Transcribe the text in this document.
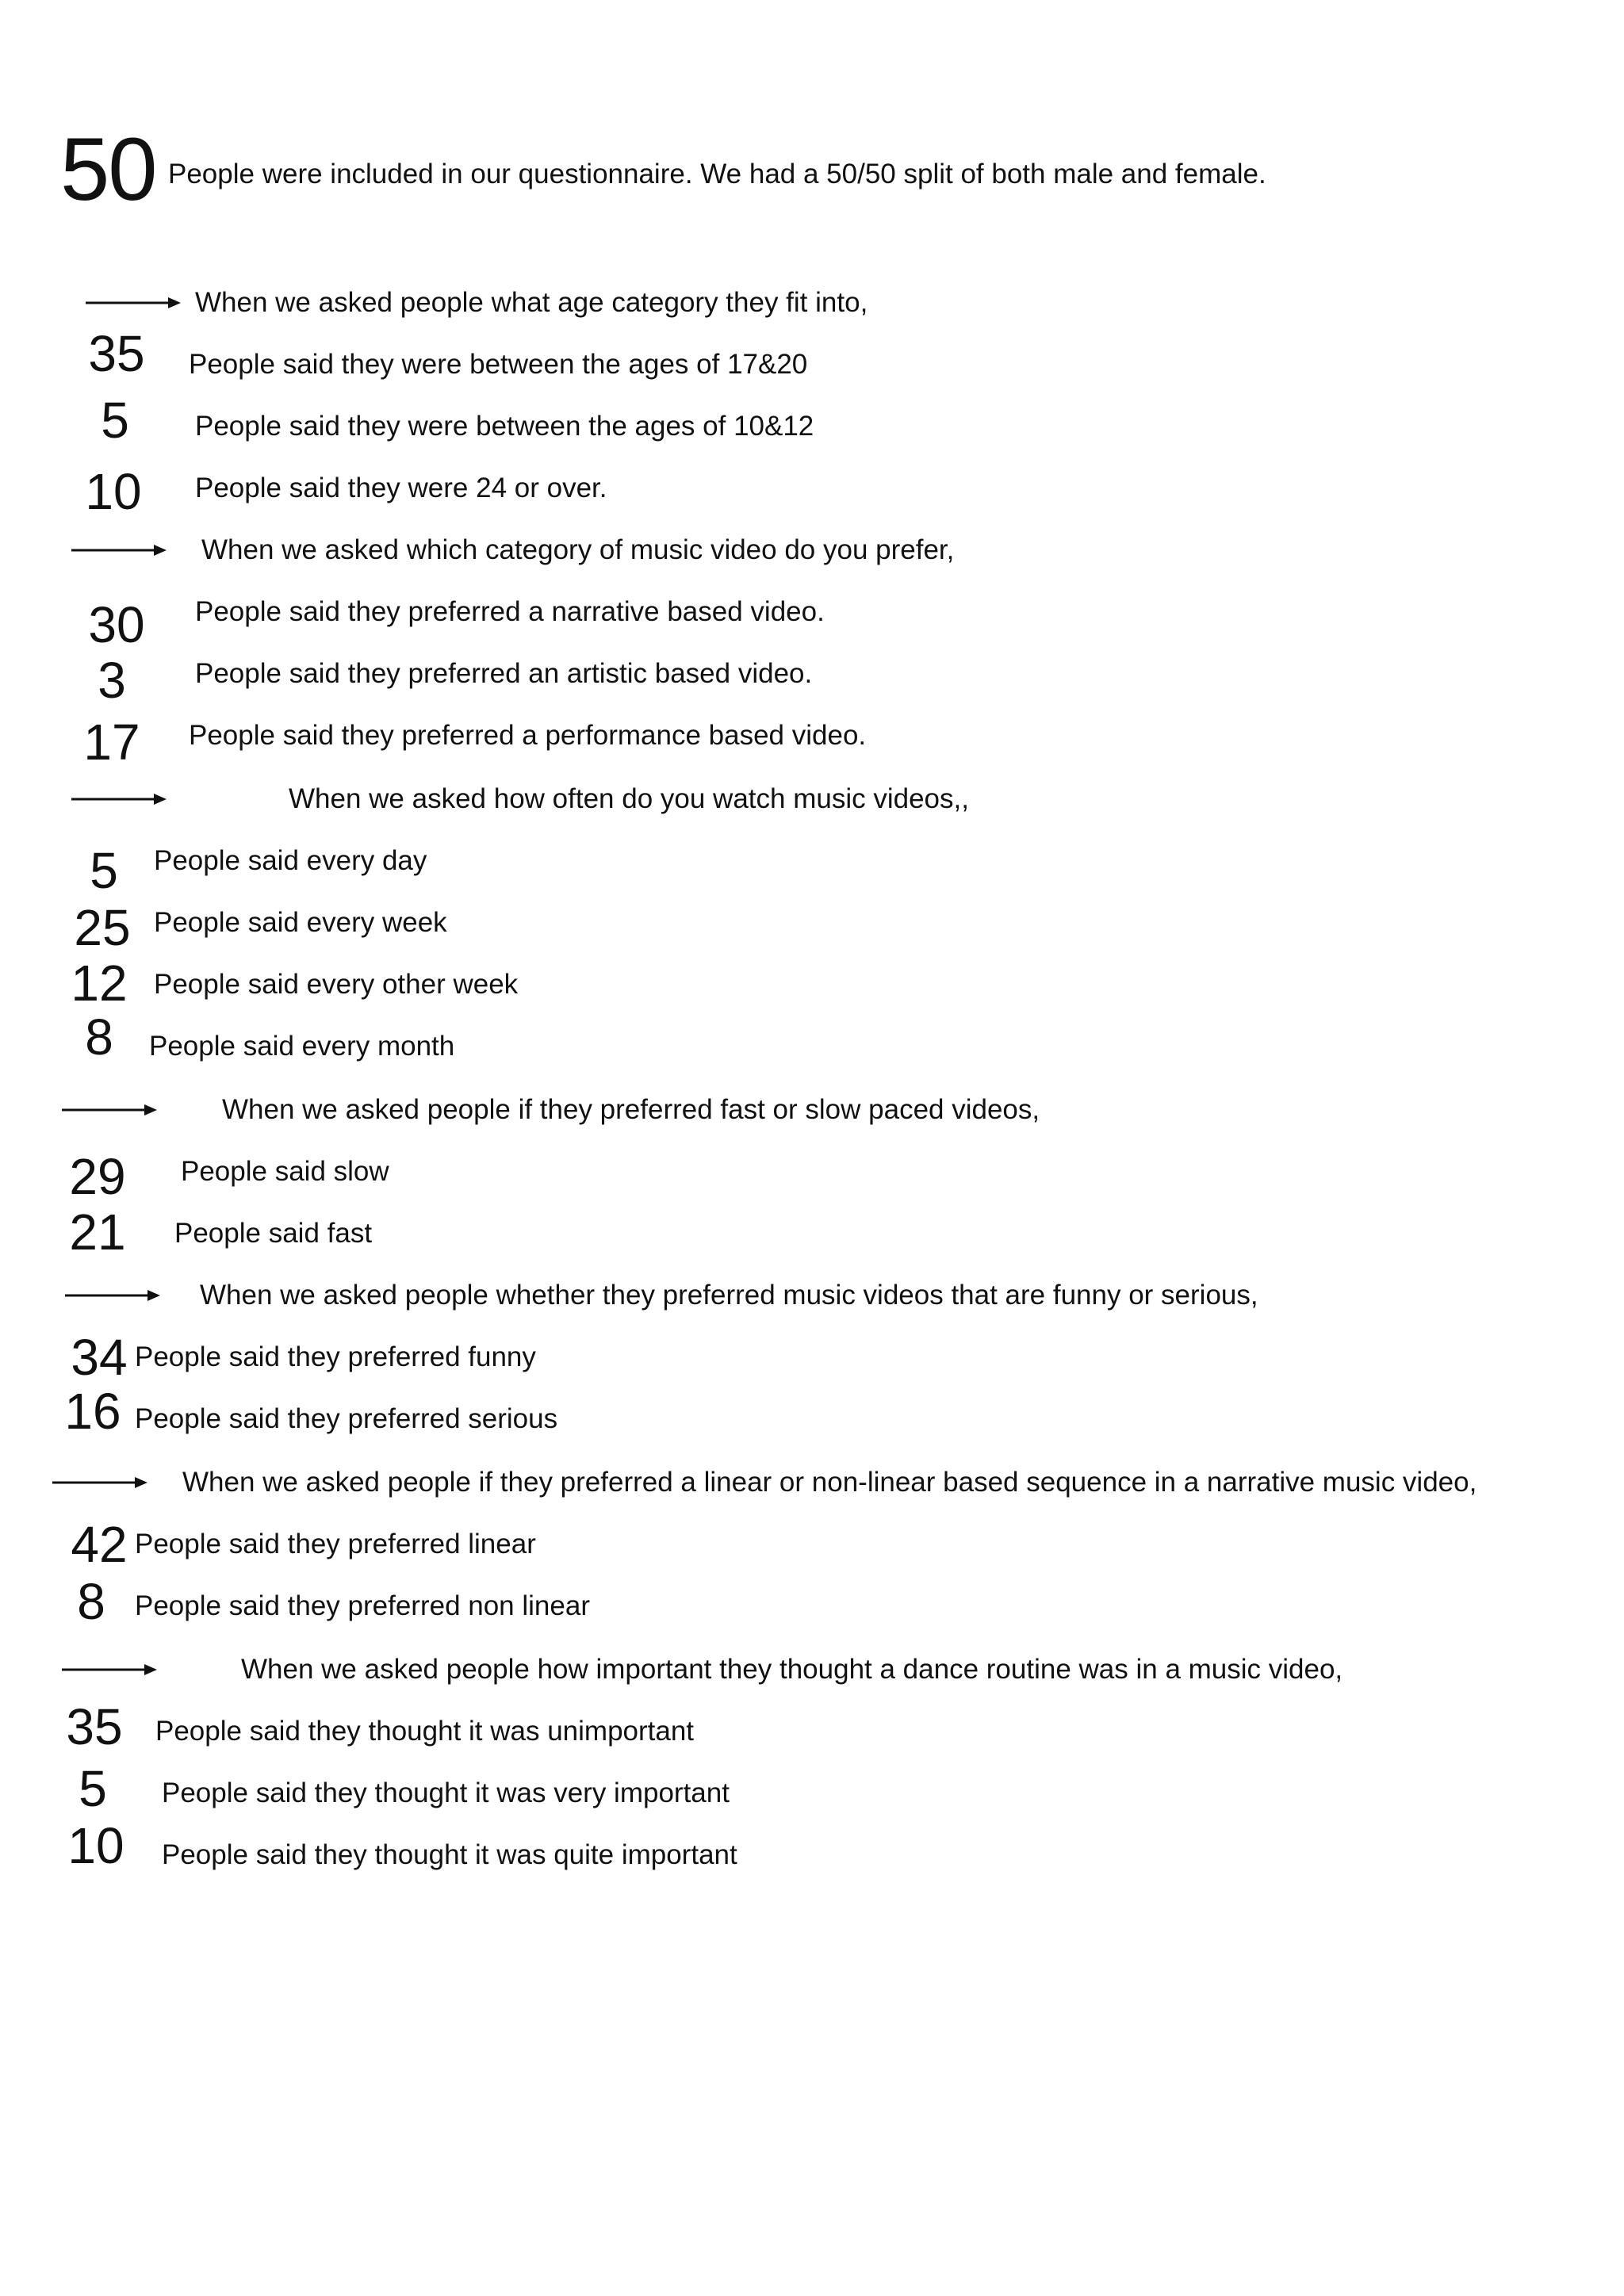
50 People were included in our questionnaire. We had a 50/50 split of both male and female.
When we asked people what age category they fit into,
35	People said they were between the ages of 17&20
5	People said they were between the ages of 10&12
10	People said they were 24 or over.
When we asked which category of music video do you prefer,
30	People said they preferred a narrative based video.
3	People said they preferred an artistic based video.
17	People said they preferred a performance based video.
When we asked how often do you watch music videos,,
5	People said every day
25 People said every week
12 People said every other week
8	People said every month
When we asked people if they preferred fast or slow paced videos,
29	People said slow
21	People said fast
When we asked people whether they preferred music videos that are funny or serious,
34 People said they preferred funny
16 People said they preferred serious
When we asked people if they preferred a linear or non-linear based sequence in a narrative music video,
42 People said they preferred linear
8	People said they preferred non linear
When we asked people how important they thought a dance routine was in a music video,
35	People said they thought it was unimportant
5	People said they thought it was very important
10	People said they thought it was quite important
